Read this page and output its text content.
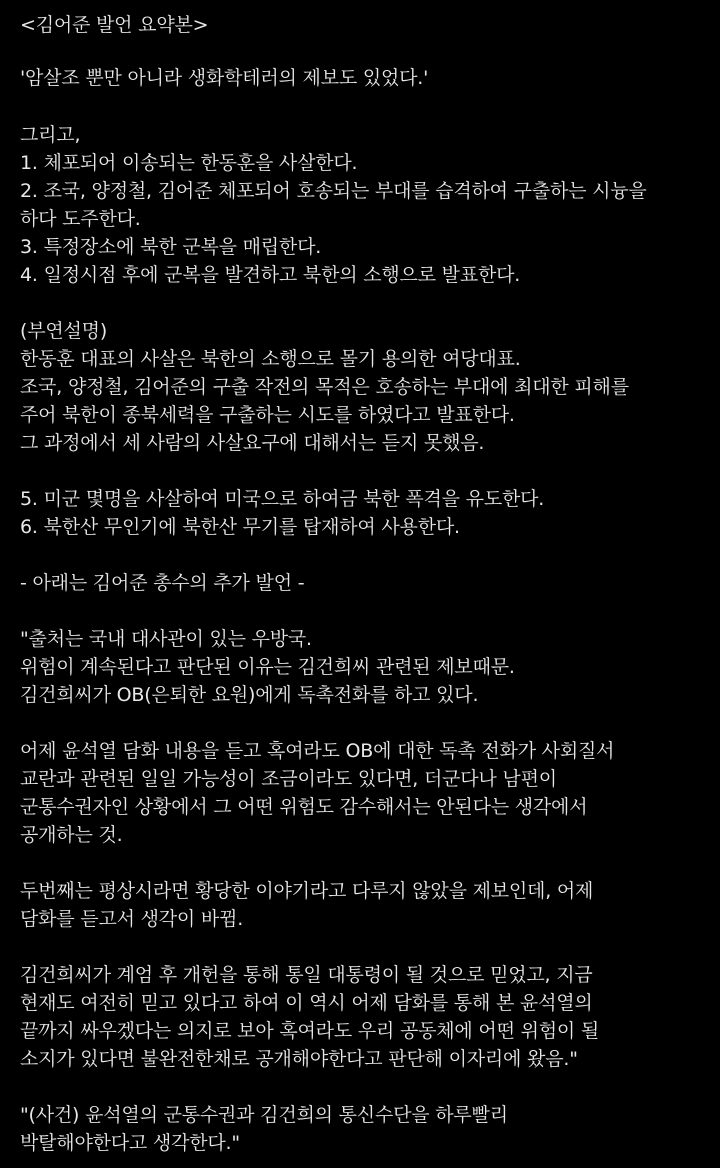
<김어준 발언 요약본>
'암살조 뿐만 아니라 생화학테러의 제보도 있었다.'
그리고,
1. 체포되어 이송되는 한동훈을 사살한다.
2. 조국, 양정철, 김어준 체포되어 호송되는 부대를 습격하여 구출하는 시늉을
하다 도주한다.
3. 특정장소에 북한 군복을 매립한다.
4. 일정시점 후에 군복을 발견하고 북한의 소행으로 발표한다.
(부연설명)
한동훈 대표의 사살은 북한의 소행으로 몰기 용의한 여당대표.
조국, 양정철, 김어준의 구출 작전의 목적은 호송하는 부대에 최대한 피해를
주어 북한이 종북세력을 구출하는 시도를 하였다고 발표한다.
그 과정에서 세 사람의 사살요구에 대해서는 듣지 못했음.
5. 미군 몇명을 사살하여 미국으로 하여금 북한 폭격을 유도한다.
6. 북한산 무인기에 북한산 무기를 탑재하여 사용한다.
- 아래는 김어준 총수의 추가 발언 -
"출처는 국내 대사관이 있는 우방국.
위험이 계속된다고 판단된 이유는 김건희씨 관련된 제보때문.
김건희씨가 OB(은퇴한 요원)에게 독촉전화를 하고 있다.
어제 윤석열 담화 내용을 듣고 혹여라도 OB에 대한 독촉 전화가 사회질서
교란과 관련된 일일 가능성이 조금이라도 있다면, 더군다나 남편이
군통수권자인 상황에서 그 어떤 위험도 감수해서는 안된다는 생각에서
공개하는 것.
두번째는 평상시라면 황당한 이야기라고 다루지 않았을 제보인데, 어제
담화를 듣고서 생각이 바뀜.
김건희씨가 계엄 후 개헌을 통해 통일 대통령이 될 것으로 믿었고, 지금
현재도 여전히 믿고 있다고 하여 이 역시 어제 담화를 통해 본 윤석열의
끝까지 싸우겠다는 의지로 보아 혹여라도 우리 공동체에 어떤 위험이 될
소지가 있다면 불완전한채로 공개해야한다고 판단해 이자리에 왔음."
"(사건) 윤석열의 군통수권과 김건희의 통신수단을 하루빨리
박탈해야한다고 생각한다."
